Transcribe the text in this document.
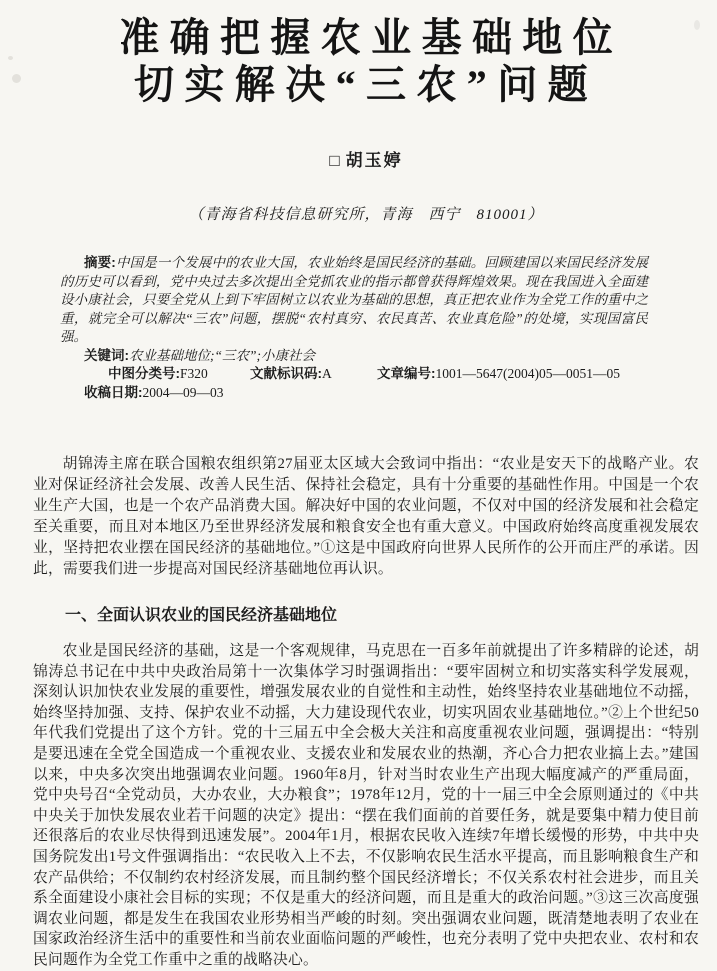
准确把握农业基础地位
切实解决“三农”问题
□ 胡玉婷
（青海省科技信息研究所，青海　西宁　810001）

摘要:中国是一个发展中的农业大国，农业始终是国民经济的基础。回顾建国以来国民经济发展的历史可以看到，党中央过去多次提出全党抓农业的指示都曾获得辉煌效果。现在我国进入全面建设小康社会，只要全党从上到下牢固树立以农业为基础的思想，真正把农业作为全党工作的重中之重，就完全可以解决“三农”问题，摆脱“农村真穷、农民真苦、农业真危险”的处境，实现国富民强。

关键词:农业基础地位;“三农”;小康社会

中图分类号:F320	文献标识码:A	文章编号:1001—5647(2004)05—0051—05

收稿日期:2004—09—03

胡锦涛主席在联合国粮农组织第27届亚太区域大会致词中指出：“农业是安天下的战略产业。农业对保证经济社会发展、改善人民生活、保持社会稳定，具有十分重要的基础性作用。中国是一个农业生产大国，也是一个农产品消费大国。解决好中国的农业问题，不仅对中国的经济发展和社会稳定至关重要，而且对本地区乃至世界经济发展和粮食安全也有重大意义。中国政府始终高度重视发展农业，坚持把农业摆在国民经济的基础地位。”①这是中国政府向世界人民所作的公开而庄严的承诺。因此，需要我们进一步提高对国民经济基础地位再认识。

一、全面认识农业的国民经济基础地位

农业是国民经济的基础，这是一个客观规律，马克思在一百多年前就提出了许多精辟的论述，胡锦涛总书记在中共中央政治局第十一次集体学习时强调指出：“要牢固树立和切实落实科学发展观，深刻认识加快农业发展的重要性，增强发展农业的自觉性和主动性，始终坚持农业基础地位不动摇，始终坚持加强、支持、保护农业不动摇，大力建设现代农业，切实巩固农业基础地位。”②上个世纪50年代我们党提出了这个方针。党的十三届五中全会极大关注和高度重视农业问题，强调提出：“特别是要迅速在全党全国造成一个重视农业、支援农业和发展农业的热潮，齐心合力把农业搞上去。”建国以来，中央多次突出地强调农业问题。1960年8月，针对当时农业生产出现大幅度减产的严重局面，党中央号召“全党动员，大办农业，大办粮食”；1978年12月，党的十一届三中全会原则通过的《中共中央关于加快发展农业若干问题的决定》提出：“摆在我们面前的首要任务，就是要集中精力使目前还很落后的农业尽快得到迅速发展”。2004年1月，根据农民收入连续7年增长缓慢的形势，中共中央国务院发出1号文件强调指出：“农民收入上不去，不仅影响农民生活水平提高，而且影响粮食生产和农产品供给；不仅制约农村经济发展，而且制约整个国民经济增长；不仅关系农村社会进步，而且关系全面建设小康社会目标的实现；不仅是重大的经济问题，而且是重大的政治问题。”③这三次高度强调农业问题，都是发生在我国农业形势相当严峻的时刻。突出强调农业问题，既清楚地表明了农业在国家政治经济生活中的重要性和当前农业面临问题的严峻性，也充分表明了党中央把农业、农村和农民问题作为全党工作重中之重的战略决心。
